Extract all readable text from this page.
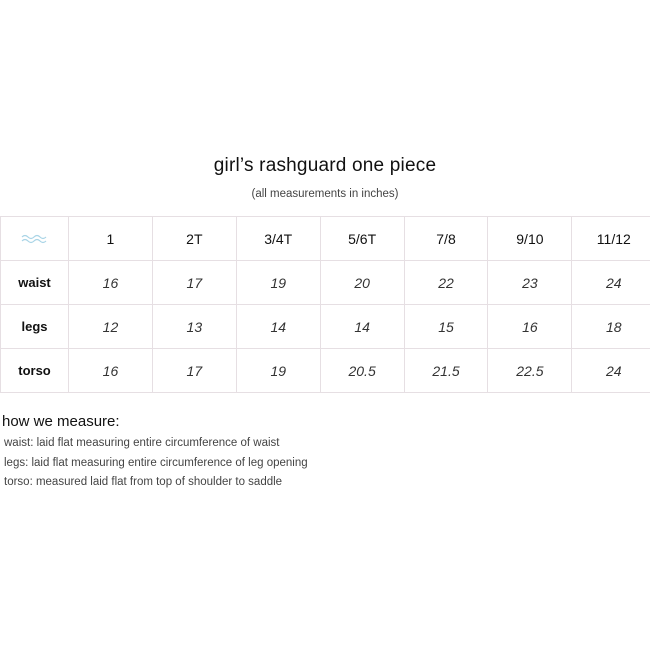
girl’s rashguard one piece
(all measurements in inches)
	1	2T	3/4T	5/6T	7/8	9/10	11/12
waist	16	17	19	20	22	23	24
legs	12	13	14	14	15	16	18
torso	16	17	19	20.5	21.5	22.5	24
how we measure:
waist: laid flat measuring entire circumference of waist
legs: laid flat measuring entire circumference of leg opening
torso: measured laid flat from top of shoulder to saddle
